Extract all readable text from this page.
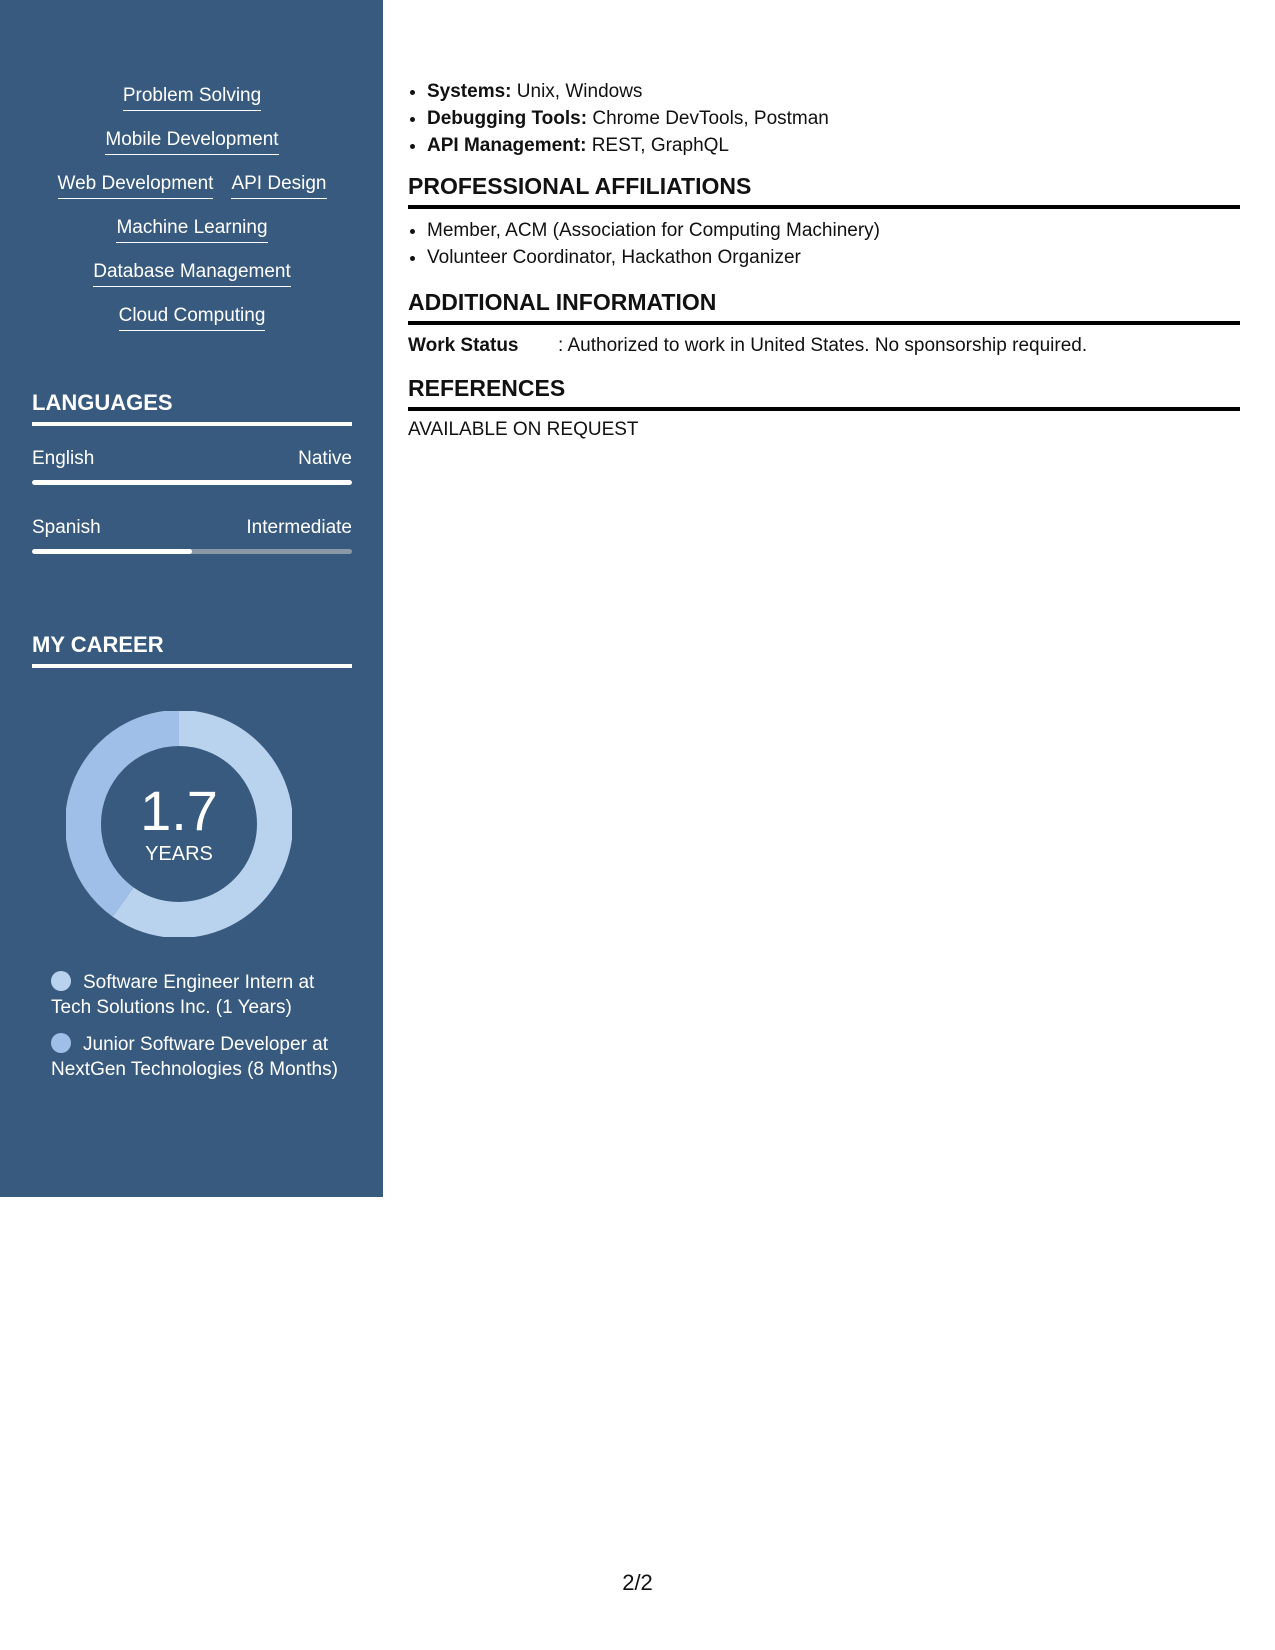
Problem Solving
Mobile Development
Web Development API Design
Machine Learning
Database Management
Cloud Computing
LANGUAGES
English	Native
Spanish	Intermediate
MY CAREER
1.7
YEARS
Software Engineer Intern at Tech Solutions Inc. (1 Years)
Junior Software Developer at NextGen Technologies (8 Months)
• Systems: Unix, Windows
• Debugging Tools: Chrome DevTools, Postman
• API Management: REST, GraphQL
PROFESSIONAL AFFILIATIONS
• Member, ACM (Association for Computing Machinery)
• Volunteer Coordinator, Hackathon Organizer
ADDITIONAL INFORMATION
Work Status	: Authorized to work in United States. No sponsorship required.
REFERENCES
AVAILABLE ON REQUEST
2/2
